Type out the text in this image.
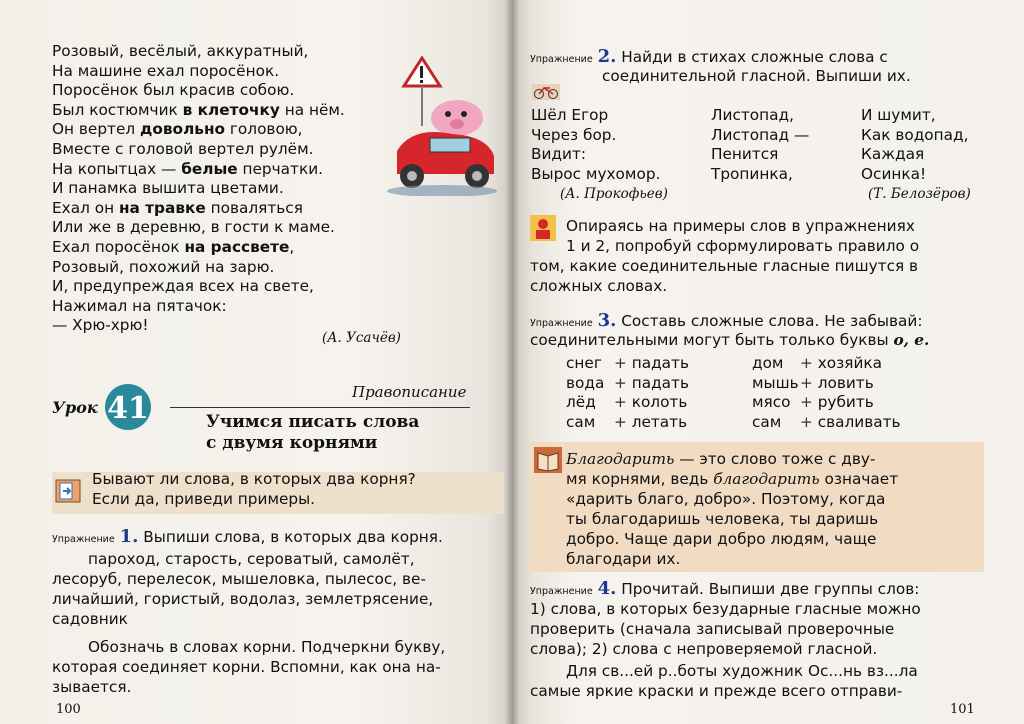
Розовый, весёлый, аккуратный,
На машине ехал поросёнок.
Поросёнок был красив собою.
Был костюмчик в клеточку на нём.
Он вертел довольно головою,
Вместе с головой вертел рулём.
На копытцах — белые перчатки.
И панамка вышита цветами.
Ехал он на травке поваляться
Или же в деревню, в гости к маме.
Ехал поросёнок на рассвете,
Розовый, похожий на зарю.
И, предупреждая всех на свете,
Нажимал на пятачок:
— Хрю-хрю!
(А. Усачёв)
Правописание
Урок 41	Учимся писать слова
с двумя корнями
Бывают ли слова, в которых два корня?
Если да, приведи примеры.
Упражнение 1. Выпиши слова, в которых два корня.
пароход, старость, сероватый, самолёт,
лесоруб, перелесок, мышеловка, пылесос, ве-
личайший, гористый, водолаз, землетрясение,
садовник
Обозначь в словах корни. Подчеркни букву,
которая соединяет корни. Вспомни, как она на-
зывается.
100
Упражнение 2. Найди в стихах сложные слова с
соединительной гласной. Выпиши их.
Шёл Егор
Через бор.
Видит:
Вырос мухомор.
Листопад,
Листопад —
Пенится
Тропинка,
И шумит,
Как водопад,
Каждая
Осинка!
(А. Прокофьев)	(Т. Белозёров)
Опираясь на примеры слов в упражнениях
1 и 2, попробуй сформулировать правило о
том, какие соединительные гласные пишутся в
сложных словах.
Упражнение 3. Составь сложные слова. Не забывай:
соединительными могут быть только буквы о, е.
снег + падать
вода + падать
лёд + колоть
сам + летать
дом + хозяйка
мышь+ ловить
мясо + рубить
сам + сваливать
Благодарить — это слово тоже с дву-
мя корнями, ведь благодарить означает
«дарить благо, добро». Поэтому, когда
ты благодаришь человека, ты даришь
добро. Чаще дари добро людям, чаще
благодари их.
Упражнение 4. Прочитай. Выпиши две группы слов:
1) слова, в которых безударные гласные можно
проверить (сначала записывай проверочные
слова); 2) слова с непроверяемой гласной.
Для св...ей р..боты художник Ос...нь вз...ла
самые яркие краски и прежде всего отправи-
101
